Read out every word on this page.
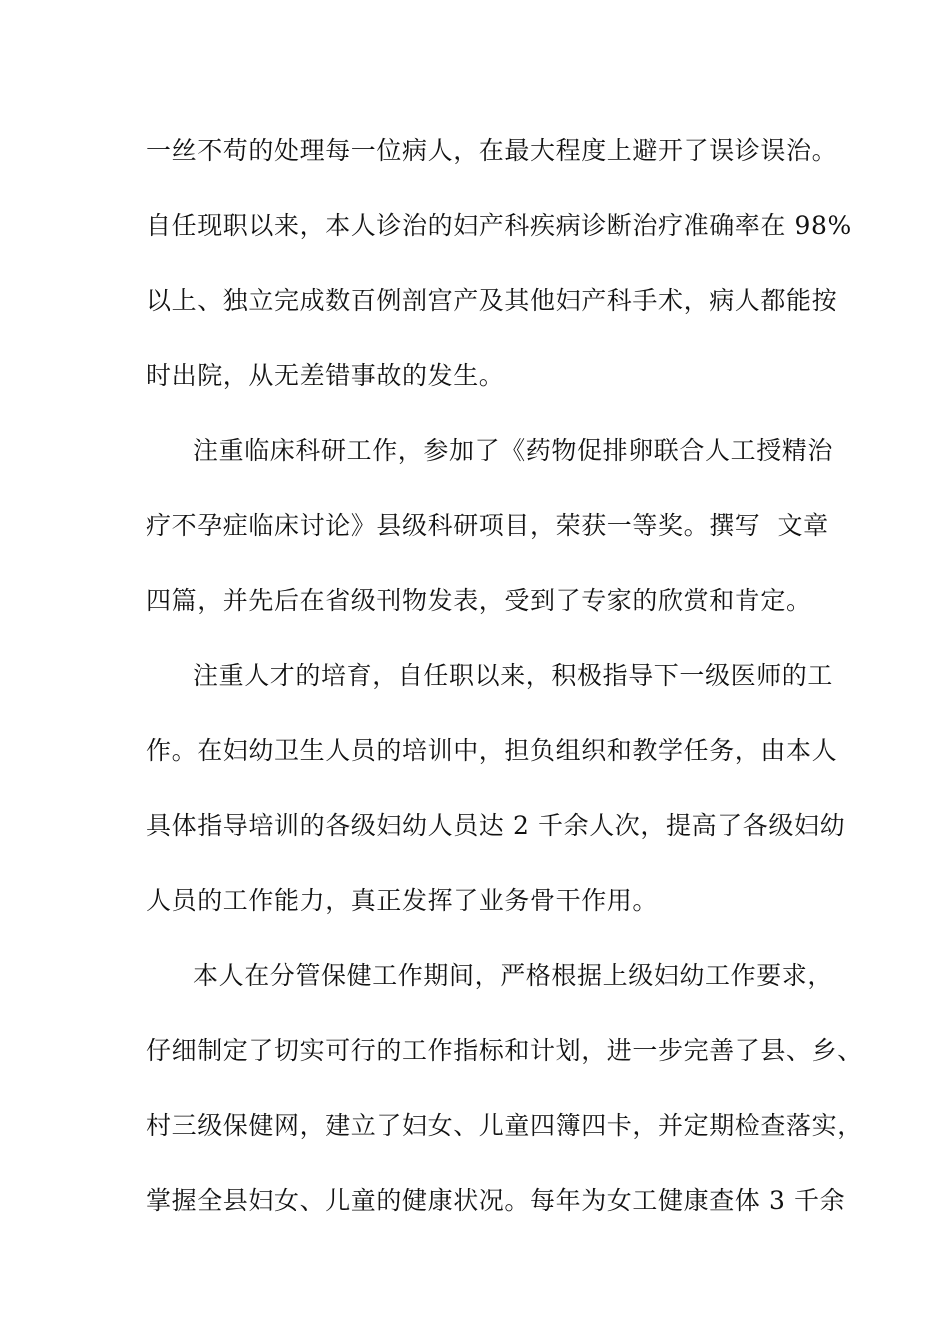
一丝不苟的处理每一位病人，在最大程度上避开了误诊误治。
自任现职以来，本人诊治的妇产科疾病诊断治疗准确率在 98%
以上、独立完成数百例剖宫产及其他妇产科手术，病人都能按
时出院，从无差错事故的发生。
注重临床科研工作，参加了《药物促排卵联合人工授精治
疗不孕症临床讨论》县级科研项目，荣获一等奖。撰写  文章
四篇，并先后在省级刊物发表，受到了专家的欣赏和肯定。
注重人才的培育，自任职以来，积极指导下一级医师的工
作。在妇幼卫生人员的培训中，担负组织和教学任务，由本人
具体指导培训的各级妇幼人员达 2 千余人次，提高了各级妇幼
人员的工作能力，真正发挥了业务骨干作用。
本人在分管保健工作期间，严格根据上级妇幼工作要求，
仔细制定了切实可行的工作指标和计划，进一步完善了县、乡、
村三级保健网，建立了妇女、儿童四簿四卡，并定期检查落实，
掌握全县妇女、儿童的健康状况。每年为女工健康查体 3 千余
